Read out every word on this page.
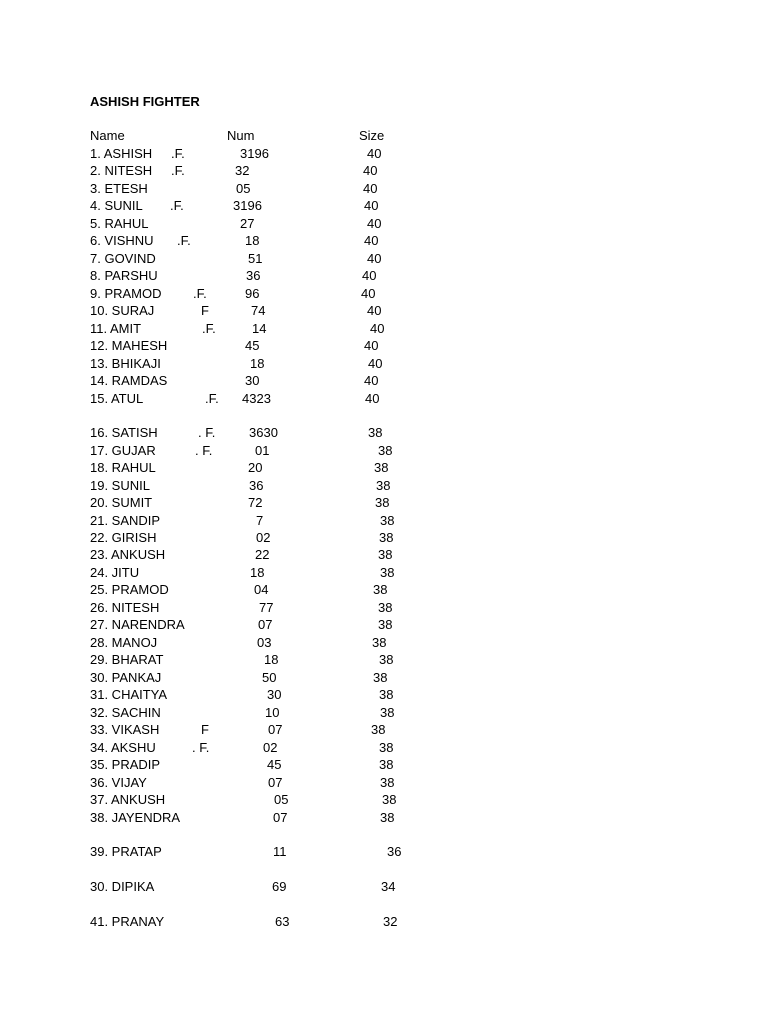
ASHISH FIGHTER
Name	Num	Size
1. ASHISH .F.	3196	40
2. NITESH .F.	32	40
3. ETESH	05	40
4. SUNIL .F.	3196	40
5. RAHUL	27	40
6. VISHNU .F.	18	40
7. GOVIND	51	40
8. PARSHU	36	40
9. PRAMOD .F.	96	40
10. SURAJ	F	74	40
11. AMIT	.F.	14	40
12. MAHESH	45	40
13. BHIKAJI	18	40
14. RAMDAS	30	40
15. ATUL	.F. 4323	40
16. SATISH	. F.	3630	38
17. GUJAR	. F.	01	38
18. RAHUL	20	38
19. SUNIL	36	38
20. SUMIT	72	38
21. SANDIP	7	38
22. GIRISH	02	38
23. ANKUSH	22	38
24. JITU	18	38
25. PRAMOD	04	38
26. NITESH	77	38
27. NARENDRA	07	38
28. MANOJ	03	38
29. BHARAT	18	38
30. PANKAJ	50	38
31. CHAITYA	30	38
32. SACHIN	10	38
33. VIKASH	F	07	38
34. AKSHU	. F.	02	38
35. PRADIP	45	38
36. VIJAY	07	38
37. ANKUSH	05	38
38. JAYENDRA	07	38
39. PRATAP	11	36
30. DIPIKA	69	34
41. PRANAY	63	32
